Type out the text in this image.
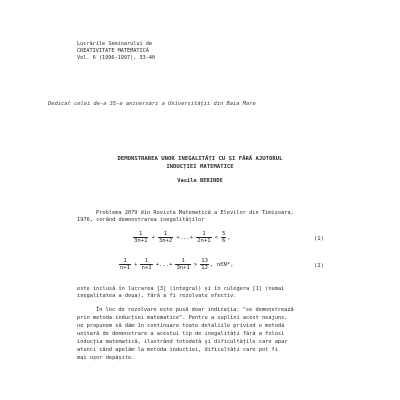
Lucrările Seminarului de
CREATIVITATE MATEMATICĂ
Vol. 6 (1996-1997), 33-40
Dedicat celei de-a 35-a aniversări a Universității din Baia Mare
DEMONSTRAREA UNOR INEGALITĂȚI CU ȘI FĂRĂ AJUTORUL
INDUCȚIEI MATEMATICE
Vasile BERINDE
Problema 2079 din Revista Matematică a Elevilor din Timișoara,
1976, cerând demonstrarea inegalităților
$\frac{1}{3n+1} + \frac{1}{3n+2}$ +...+ $\frac{1}{2n+1} < \frac{5}{6}$ ,	(1)
$\frac{1}{n+1} + \frac{1}{n+2}$ +...+ $\frac{1}{3n+1} > \frac{13}{12}$ , n∈N*,	(2)
este inclusă în lucrarea [3] (integral) și în culegera [1] (numai
inegalitatea a doua), fără a fi rezolvate efectiv.
În loc de rezolvare este pusă doar indicația: "se demonstrează
prin metoda inducției matematice". Pentru a suplini acest neajuns,
ne propunem să dăm în continuare toate detaliile privind o metodă
unitară de demonstrare a acestui tip de inegalități fără a folosi
inducția matematică, ilustrând totodată și dificultățile care apar
atunci când apelăm la metoda inducției, dificultăți care pot fi
mai ușor depășite.
